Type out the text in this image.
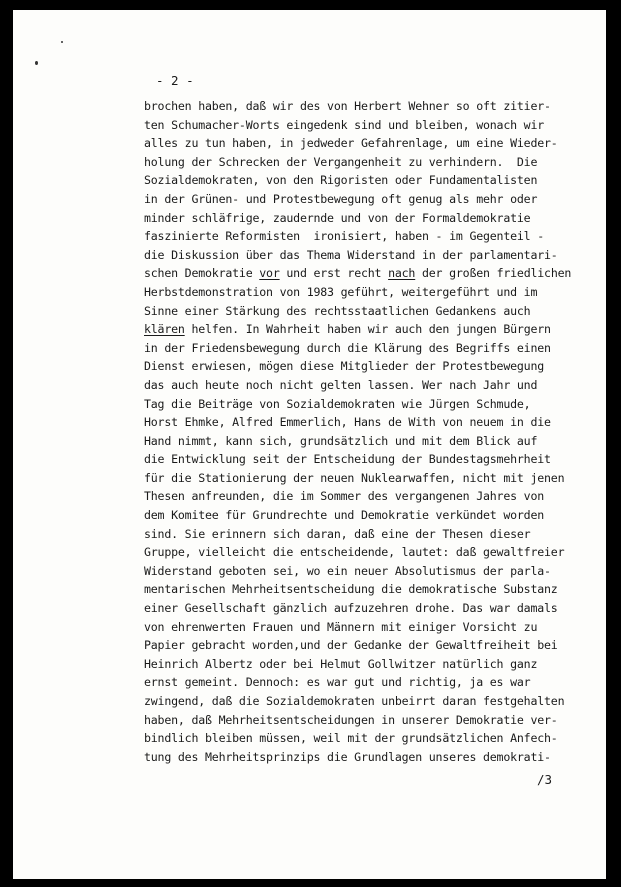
- 2 -
brochen haben, daß wir des von Herbert Wehner so oft zitier-
ten Schumacher-Worts eingedenk sind und bleiben, wonach wir
alles zu tun haben, in jedweder Gefahrenlage, um eine Wieder-
holung der Schrecken der Vergangenheit zu verhindern.  Die
Sozialdemokraten, von den Rigoristen oder Fundamentalisten
in der Grünen- und Protestbewegung oft genug als mehr oder
minder schläfrige, zaudernde und von der Formaldemokratie
faszinierte Reformisten  ironisiert, haben - im Gegenteil -
die Diskussion über das Thema Widerstand in der parlamentari-
schen Demokratie vor und erst recht nach der großen friedlichen
Herbstdemonstration von 1983 geführt, weitergeführt und im
Sinne einer Stärkung des rechtsstaatlichen Gedankens auch
klären helfen. In Wahrheit haben wir auch den jungen Bürgern
in der Friedensbewegung durch die Klärung des Begriffs einen
Dienst erwiesen, mögen diese Mitglieder der Protestbewegung
das auch heute noch nicht gelten lassen. Wer nach Jahr und
Tag die Beiträge von Sozialdemokraten wie Jürgen Schmude,
Horst Ehmke, Alfred Emmerlich, Hans de With von neuem in die
Hand nimmt, kann sich, grundsätzlich und mit dem Blick auf
die Entwicklung seit der Entscheidung der Bundestagsmehrheit
für die Stationierung der neuen Nuklearwaffen, nicht mit jenen
Thesen anfreunden, die im Sommer des vergangenen Jahres von
dem Komitee für Grundrechte und Demokratie verkündet worden
sind. Sie erinnern sich daran, daß eine der Thesen dieser
Gruppe, vielleicht die entscheidende, lautet: daß gewaltfreier
Widerstand geboten sei, wo ein neuer Absolutismus der parla-
mentarischen Mehrheitsentscheidung die demokratische Substanz
einer Gesellschaft gänzlich aufzuzehren drohe. Das war damals
von ehrenwerten Frauen und Männern mit einiger Vorsicht zu
Papier gebracht worden,und der Gedanke der Gewaltfreiheit bei
Heinrich Albertz oder bei Helmut Gollwitzer natürlich ganz
ernst gemeint. Dennoch: es war gut und richtig, ja es war
zwingend, daß die Sozialdemokraten unbeirrt daran festgehalten
haben, daß Mehrheitsentscheidungen in unserer Demokratie ver-
bindlich bleiben müssen, weil mit der grundsätzlichen Anfech-
tung des Mehrheitsprinzips die Grundlagen unseres demokrati-
/3
